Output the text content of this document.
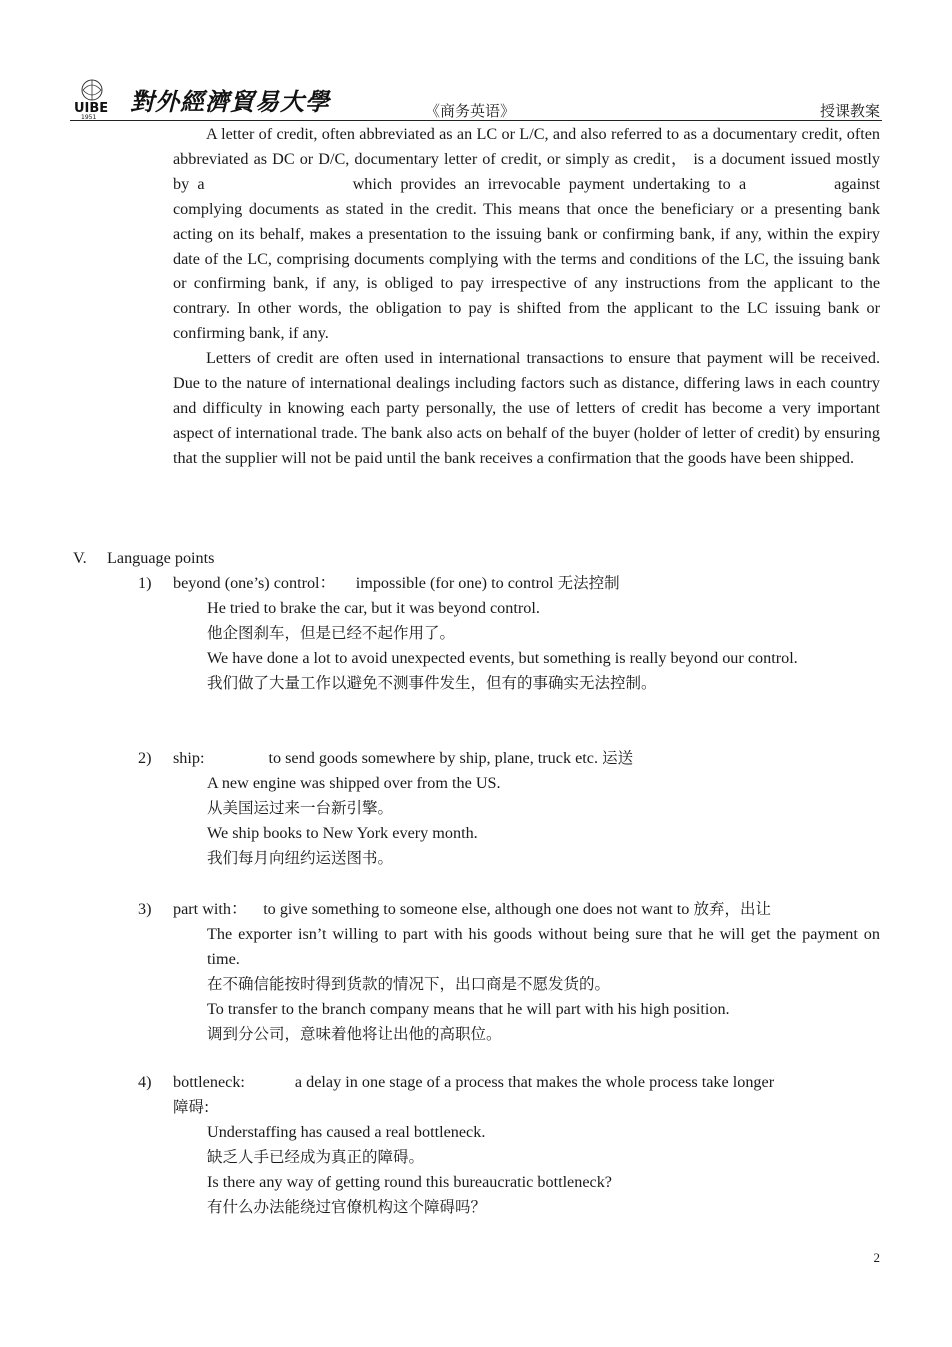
UIBE
1951
對外經濟貿易大學	《商务英语》	授课教案

A letter of credit, often abbreviated as an LC or L/C, and also referred to as a documentary credit, often abbreviated as DC or D/C, documentary letter of credit, or simply as credit， is a document issued mostly by a	which provides an irrevocable payment undertaking to a	against complying documents as stated in the credit. This means that once the beneficiary or a presenting bank acting on its behalf, makes a presentation to the issuing bank or confirming bank, if any, within the expiry date of the LC, comprising documents complying with the terms and conditions of the LC, the issuing bank or confirming bank, if any, is obliged to pay irrespective of any instructions from the applicant to the contrary. In other words, the obligation to pay is shifted from the applicant to the LC issuing bank or confirming bank, if any.

Letters of credit are often used in international transactions to ensure that payment will be received. Due to the nature of international dealings including factors such as distance, differing laws in each country and difficulty in knowing each party personally, the use of letters of credit has become a very important aspect of international trade. The bank also acts on behalf of the buyer (holder of letter of credit) by ensuring that the supplier will not be paid until the bank receives a confirmation that the goods have been shipped.

V. Language points
1) beyond (one’s) control： impossible (for one) to control 无法控制
He tried to brake the car, but it was beyond control.
他企图刹车，但是已经不起作用了。
We have done a lot to avoid unexpected events, but something is really beyond our control.
我们做了大量工作以避免不测事件发生，但有的事确实无法控制。
2) ship:	to send goods somewhere by ship, plane, truck etc. 运送
A new engine was shipped over from the US.
从美国运过来一台新引擎。
We ship books to New York every month.
我们每月向纽约运送图书。
3) part with： to give something to someone else, although one does not want to 放弃，出让
The exporter isn’t willing to part with his goods without being sure that he will get the payment on time.
在不确信能按时得到货款的情况下，出口商是不愿发货的。
To transfer to the branch company means that he will part with his high position.
调到分公司，意味着他将让出他的高职位。
4) bottleneck:	a delay in one stage of a process that makes the whole process take longer
障碍:
Understaffing has caused a real bottleneck.
缺乏人手已经成为真正的障碍。
Is there any way of getting round this bureaucratic bottleneck?
有什么办法能绕过官僚机构这个障碍吗？
2
